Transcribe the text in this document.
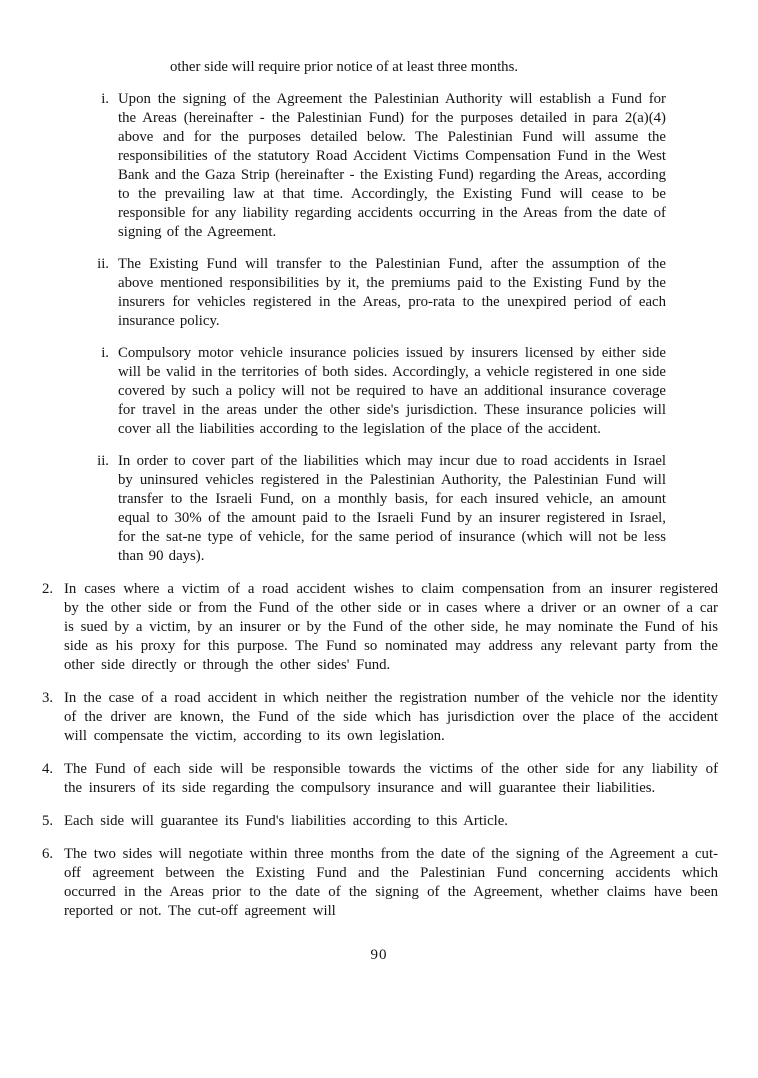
other side will require prior notice of at least three months.

i. Upon the signing of the Agreement the Palestinian Authority will establish a Fund for the Areas (hereinafter - the Palestinian Fund) for the purposes detailed in para 2(a)(4) above and for the purposes detailed below. The Palestinian Fund will assume the responsibilities of the statutory Road Accident Victims Compensation Fund in the West Bank and the Gaza Strip (hereinafter - the Existing Fund) regarding the Areas, according to the prevailing law at that time. Accordingly, the Existing Fund will cease to be responsible for any liability regarding accidents occurring in the Areas from the date of signing of the Agreement.
ii. The Existing Fund will transfer to the Palestinian Fund, after the assumption of the above mentioned responsibilities by it, the premiums paid to the Existing Fund by the insurers for vehicles registered in the Areas, pro-rata to the unexpired period of each insurance policy.
i. Compulsory motor vehicle insurance policies issued by insurers licensed by either side will be valid in the territories of both sides. Accordingly, a vehicle registered in one side covered by such a policy will not be required to have an additional insurance coverage for travel in the areas under the other side's jurisdiction. These insurance policies will cover all the liabilities according to the legislation of the place of the accident.
ii. In order to cover part of the liabilities which may incur due to road accidents in Israel by uninsured vehicles registered in the Palestinian Authority, the Palestinian Fund will transfer to the Israeli Fund, on a monthly basis, for each insured vehicle, an amount equal to 30% of the amount paid to the Israeli Fund by an insurer registered in Israel, for the sat-ne type of vehicle, for the same period of insurance (which will not be less than 90 days).
2. In cases where a victim of a road accident wishes to claim compensation from an insurer registered by the other side or from the Fund of the other side or in cases where a driver or an owner of a car is sued by a victim, by an insurer or by the Fund of the other side, he may nominate the Fund of his side as his proxy for this purpose. The Fund so nominated may address any relevant party from the other side directly or through the other sides' Fund.
3. In the case of a road accident in which neither the registration number of the vehicle nor the identity of the driver are known, the Fund of the side which has jurisdiction over the place of the accident will compensate the victim, according to its own legislation.
4. The Fund of each side will be responsible towards the victims of the other side for any liability of the insurers of its side regarding the compulsory insurance and will guarantee their liabilities.
5. Each side will guarantee its Fund's liabilities according to this Article.
6. The two sides will negotiate within three months from the date of the signing of the Agreement a cut-off agreement between the Existing Fund and the Palestinian Fund concerning accidents which occurred in the Areas prior to the date of the signing of the Agreement, whether claims have been reported or not. The cut-off agreement will
90
